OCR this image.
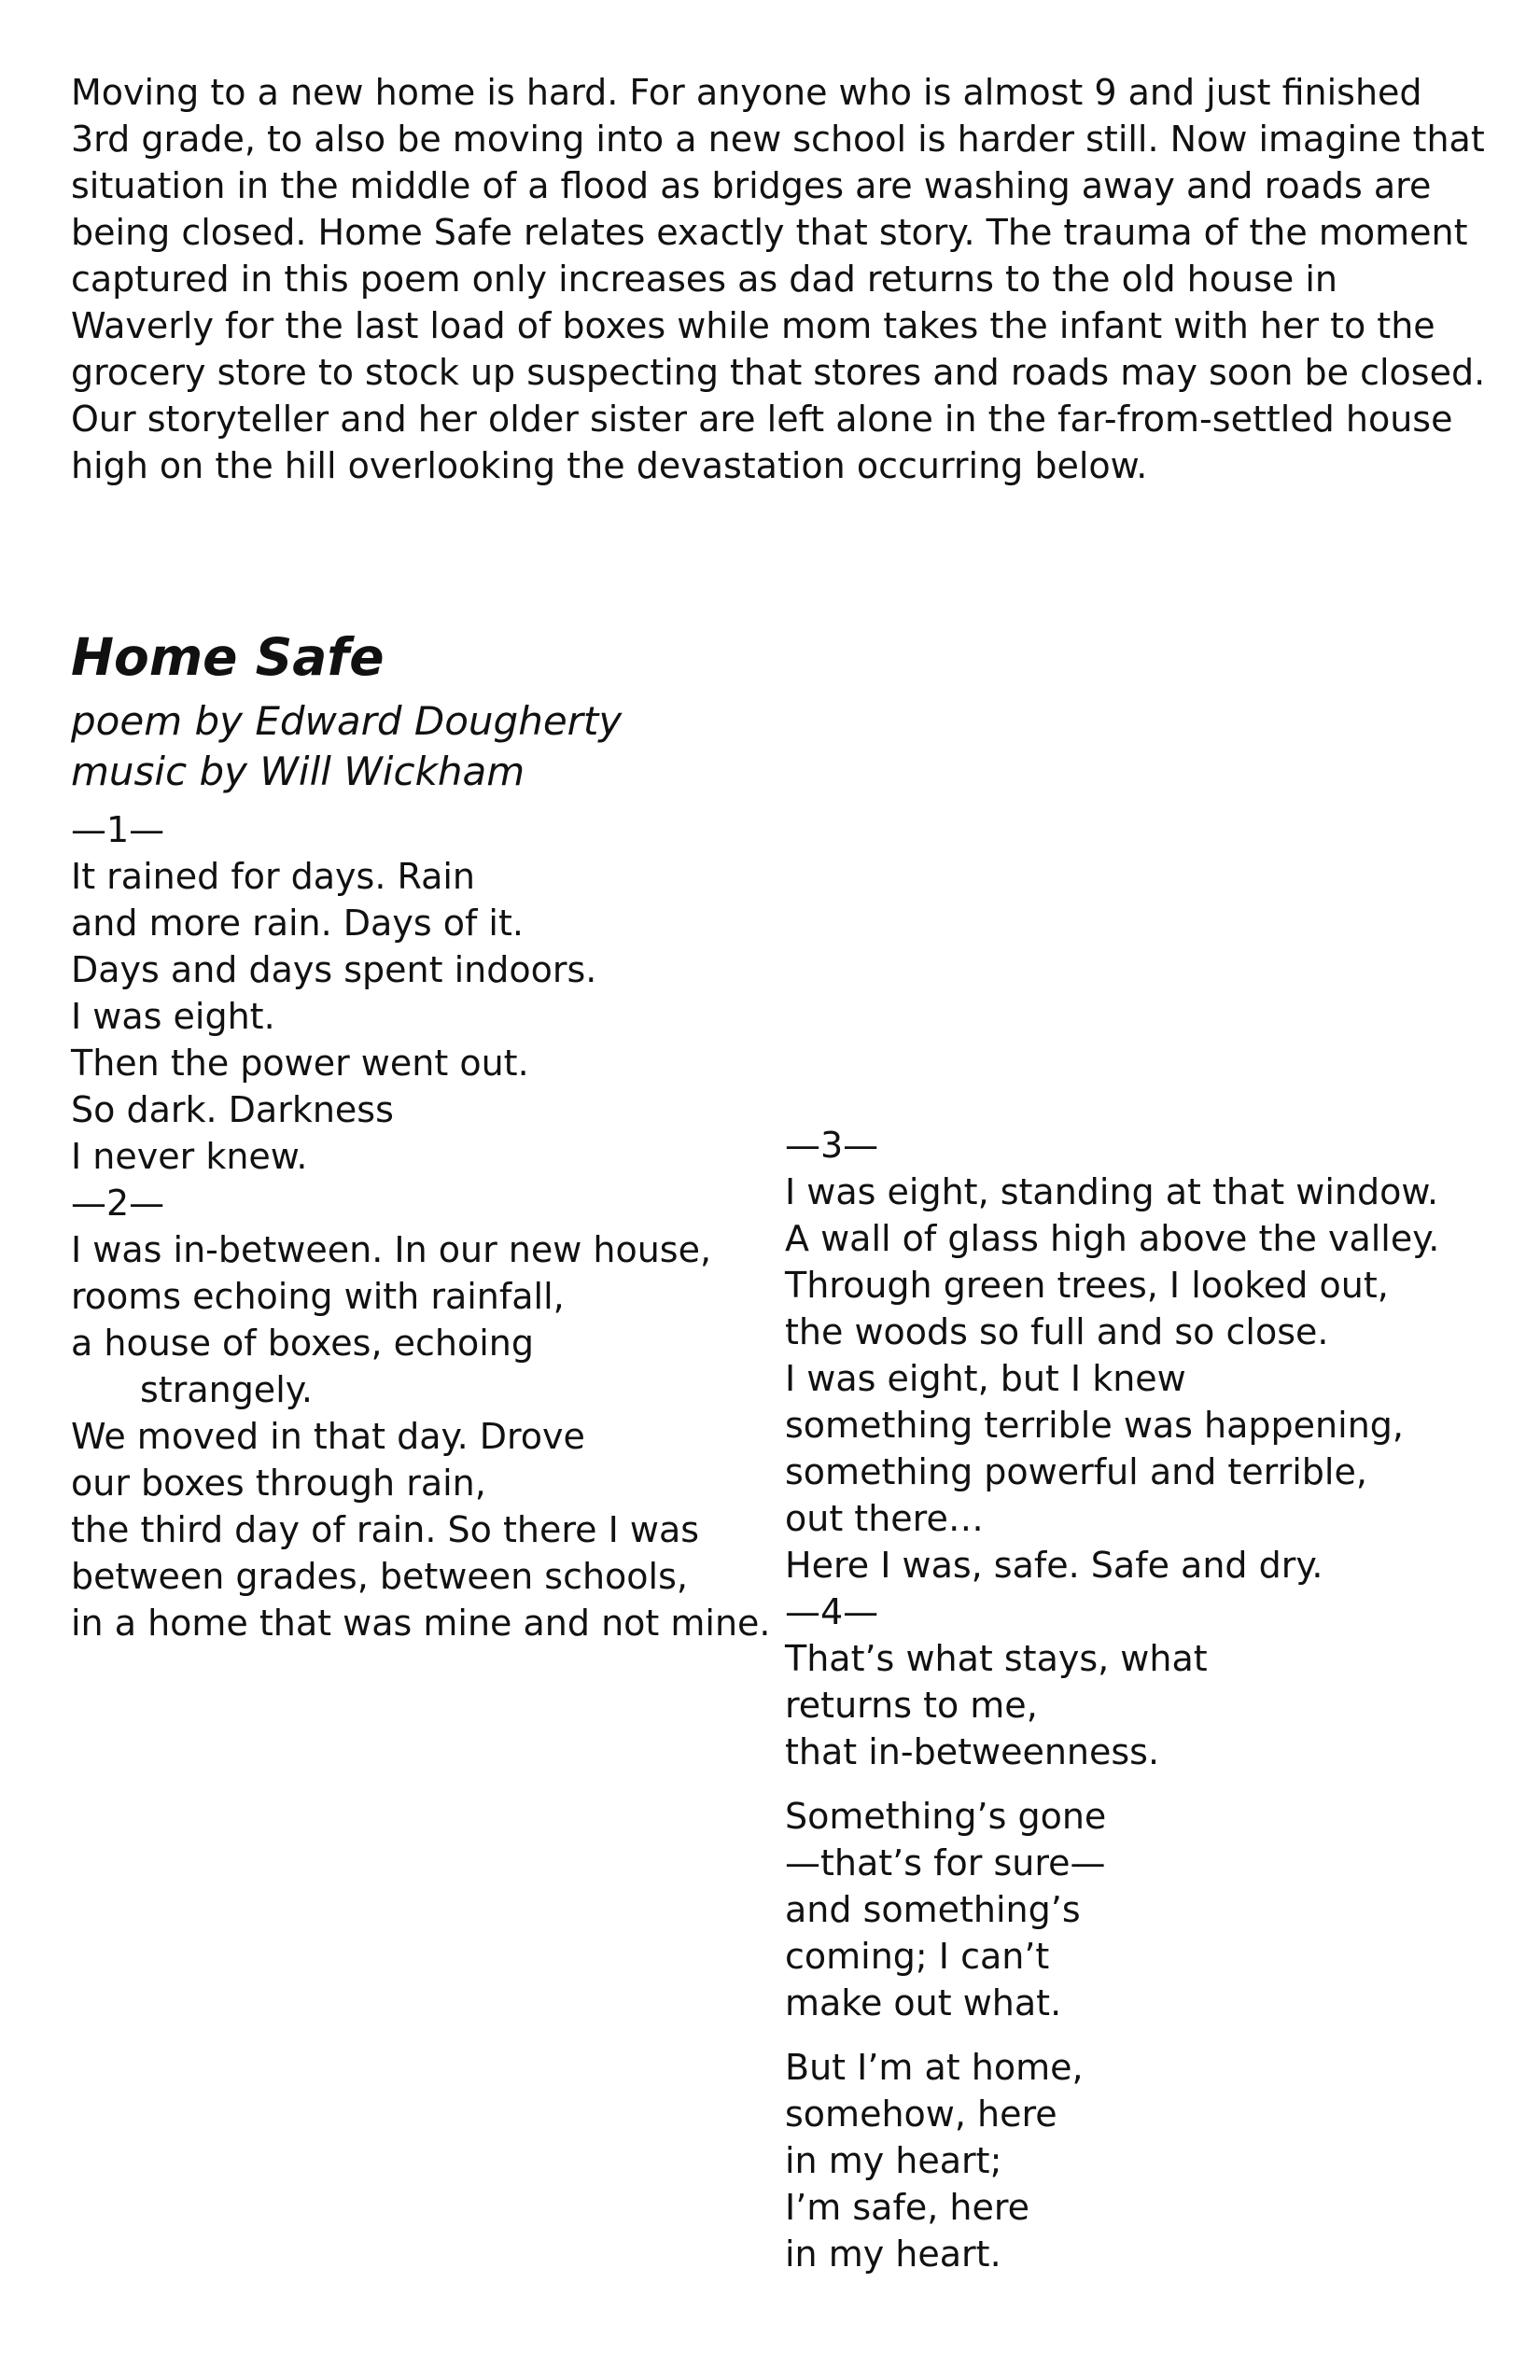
Moving to a new home is hard. For anyone who is almost 9 and just finished 3rd grade, to also be moving into a new school is harder still. Now imagine that situation in the middle of a flood as bridges are washing away and roads are being closed. Home Safe relates exactly that story. The trauma of the moment captured in this poem only increases as dad returns to the old house in Waverly for the last load of boxes while mom takes the infant with her to the grocery store to stock up suspecting that stores and roads may soon be closed. Our storyteller and her older sister are left alone in the far-from-settled house high on the hill overlooking the devastation occurring below.

Home Safe

poem by Edward Dougherty

music by Will Wickham

—1—
It rained for days. Rain
and more rain. Days of it.
Days and days spent indoors.
I was eight.
Then the power went out.
So dark. Darkness
I never knew.
—2—
I was in-between. In our new house,
rooms echoing with rainfall,
a house of boxes, echoing strangely.
We moved in that day. Drove
our boxes through rain,
the third day of rain. So there I was
between grades, between schools,
in a home that was mine and not mine.
—3—
I was eight, standing at that window.
A wall of glass high above the valley.
Through green trees, I looked out,
the woods so full and so close.
I was eight, but I knew
something terrible was happening,
something powerful and terrible,
out there…
Here I was, safe. Safe and dry.
—4—
That’s what stays, what
returns to me,
that in-betweenness.
Something’s gone
—that’s for sure—
and something’s
coming; I can’t
make out what.
But I’m at home,
somehow, here
in my heart;
I’m safe, here
in my heart.
